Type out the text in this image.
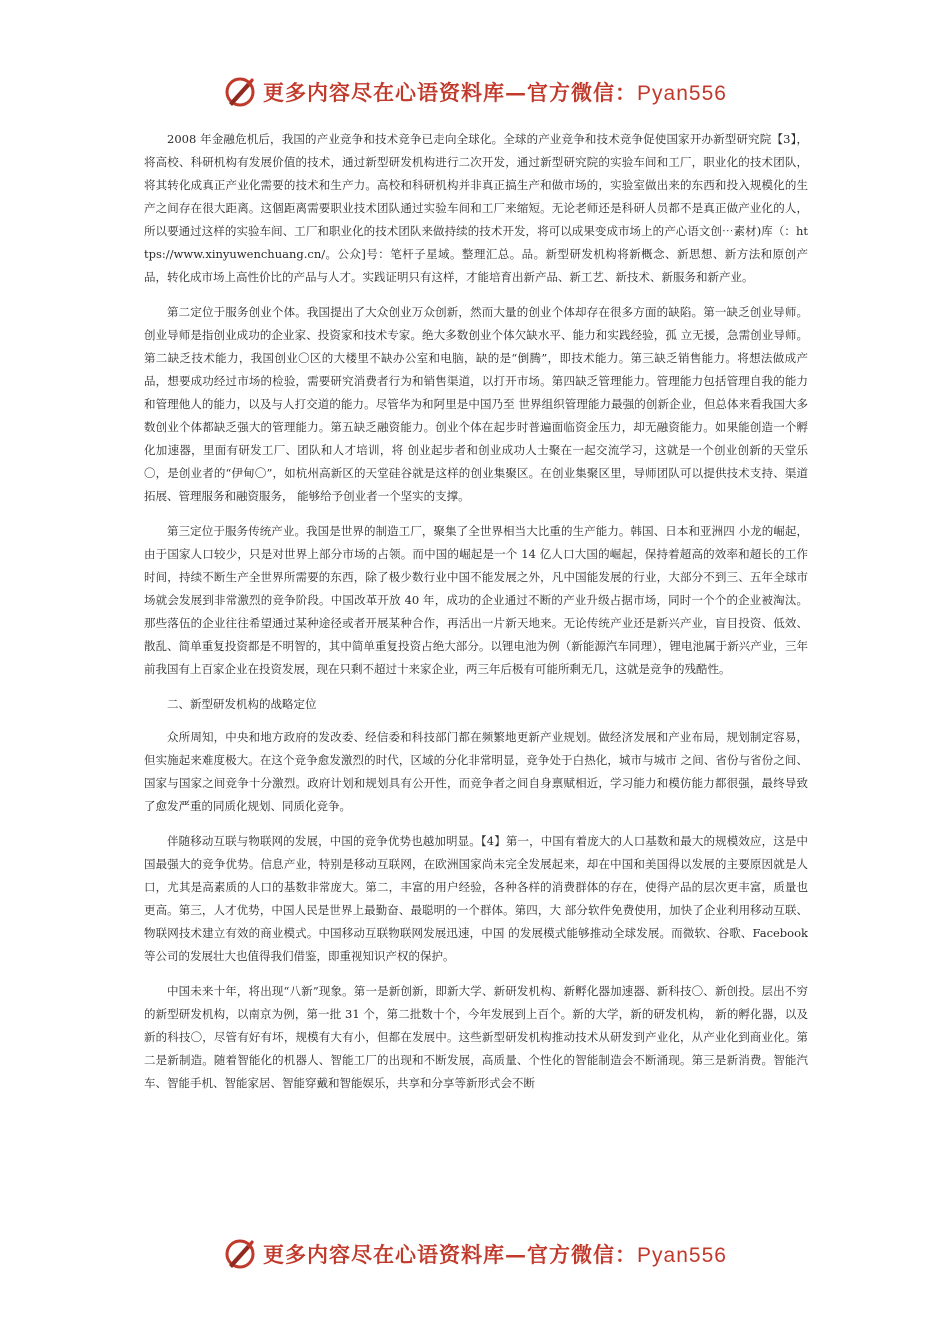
更多内容尽在心语资料库—官方微信：Pyan556

2008 年金融危机后，我国的产业竞争和技术竞争已走向全球化。全球的产业竞争和技术竞争促使国家开办新型研究院【3】，将高校、科研机构有发展价值的技术，通过新型研发机构进行二次开发，通过新型研究院的实验车间和工厂，职业化的技术团队，将其转化成真正产业化需要的技术和生产力。高校和科研机构并非真正搞生产和做市场的，实验室做出来的东西和投入规模化的生产之间存在很大距离。这個距离需要职业技术团队通过实验车间和工厂来缩短。无论老师还是科研人员都不是真正做产业化的人，所以要通过这样的实验车间、工厂和职业化的技术团队来做持续的技术开发，将可以成果变成市场上的产心语文创⋯素材)库（：https://www.xinyuwenchuang.cn/。公众]号：笔杆子星域。整理汇总。品。新型研发机构将新概念、新思想、新方法和原创产品，转化成市场上高性价比的产品与人才。实践证明只有这样，才能培育出新产品、新工艺、新技术、新服务和新产业。

第二定位于服务创业个体。我国提出了大众创业万众创新，然而大量的创业个体却存在很多方面的缺陷。第一缺乏创业导师。创业导师是指创业成功的企业家、投资家和技术专家。绝大多数创业个体欠缺水平、能力和实践经验，孤 立无援，急需创业导师。第二缺乏技术能力，我国创业〇区的大楼里不缺办公室和电脑，缺的是“倒腾”，即技术能力。第三缺乏销售能力。将想法做成产品，想要成功经过市场的检验，需要研究消费者行为和销售渠道，以打开市场。第四缺乏管理能力。管理能力包括管理自我的能力和管理他人的能力，以及与人打交道的能力。尽管华为和阿里是中国乃至 世界组织管理能力最强的创新企业，但总体来看我国大多数创业个体都缺乏强大的管理能力。第五缺乏融资能力。创业个体在起步时普遍面临资金压力，却无融资能力。如果能创造一个孵化加速器，里面有研发工厂、团队和人才培训，将 创业起步者和创业成功人士聚在一起交流学习，这就是一个创业创新的天堂乐〇，是创业者的“伊甸〇”，如杭州高新区的天堂硅谷就是这样的创业集聚区。在创业集聚区里，导师团队可以提供技术支持、渠道拓展、管理服务和融资服务， 能够给予创业者一个坚实的支撑。

第三定位于服务传统产业。我国是世界的制造工厂，聚集了全世界相当大比重的生产能力。韩国、日本和亚洲四 小龙的崛起，由于国家人口较少，只是对世界上部分市场的占领。而中国的崛起是一个 14 亿人口大国的崛起，保持着超高的效率和超长的工作时间，持续不断生产全世界所需要的东西，除了极少数行业中国不能发展之外，凡中国能发展的行业，大部分不到三、五年全球市场就会发展到非常激烈的竞争阶段。中国改革开放 40 年，成功的企业通过不断的产业升级占据市场，同时一个个的企业被淘汰。那些落伍的企业往往希望通过某种途径或者开展某种合作，再活出一片新天地来。无论传统产业还是新兴产业，盲目投资、低效、散乱、简单重复投资都是不明智的，其中简单重复投资占绝大部分。以锂电池为例（新能源汽车同理），锂电池属于新兴产业，三年前我国有上百家企业在投资发展，现在只剩不超过十来家企业，两三年后极有可能所剩无几，这就是竞争的残酷性。

二、新型研发机构的战略定位

众所周知，中央和地方政府的发改委、经信委和科技部门都在频繁地更新产业规划。做经济发展和产业布局，规划制定容易，但实施起来难度极大。在这个竞争愈发激烈的时代，区域的分化非常明显，竞争处于白热化，城市与城市 之间、省份与省份之间、国家与国家之间竞争十分激烈。政府计划和规划具有公开性，而竞争者之间自身禀赋相近，学习能力和模仿能力都很强，最终导致了愈发严重的同质化规划、同质化竞争。

伴随移动互联与物联网的发展，中国的竞争优势也越加明显。【4】第一，中国有着庞大的人口基数和最大的规模效应，这是中国最强大的竞争优势。信息产业，特别是移动互联网，在欧洲国家尚未完全发展起来，却在中国和美国得以发展的主要原因就是人口，尤其是高素质的人口的基数非常庞大。第二，丰富的用户经验，各种各样的消费群体的存在，使得产品的层次更丰富，质量也更高。第三，人才优势，中国人民是世界上最勤奋、最聪明的一个群体。第四，大 部分软件免费使用，加快了企业利用移动互联、物联网技术建立有效的商业模式。中国移动互联物联网发展迅速，中国 的发展模式能够推动全球发展。而微软、谷歌、Facebook 等公司的发展壮大也值得我们借鉴，即重视知识产权的保护。

中国未来十年，将出现“八新”现象。第一是新创新，即新大学、新研发机构、新孵化器加速器、新科技〇、新创投。层出不穷的新型研发机构，以南京为例，第一批 31 个，第二批数十个，今年发展到上百个。新的大学，新的研发机构， 新的孵化器，以及新的科技〇，尽管有好有坏，规模有大有小，但都在发展中。这些新型研发机构推动技术从研发到产业化，从产业化到商业化。第二是新制造。随着智能化的机器人、智能工厂的出现和不断发展，高质量、个性化的智能制造会不断涌现。第三是新消费。智能汽车、智能手机、智能家居、智能穿戴和智能娱乐，共享和分享等新形式会不断

更多内容尽在心语资料库—官方微信：Pyan556
